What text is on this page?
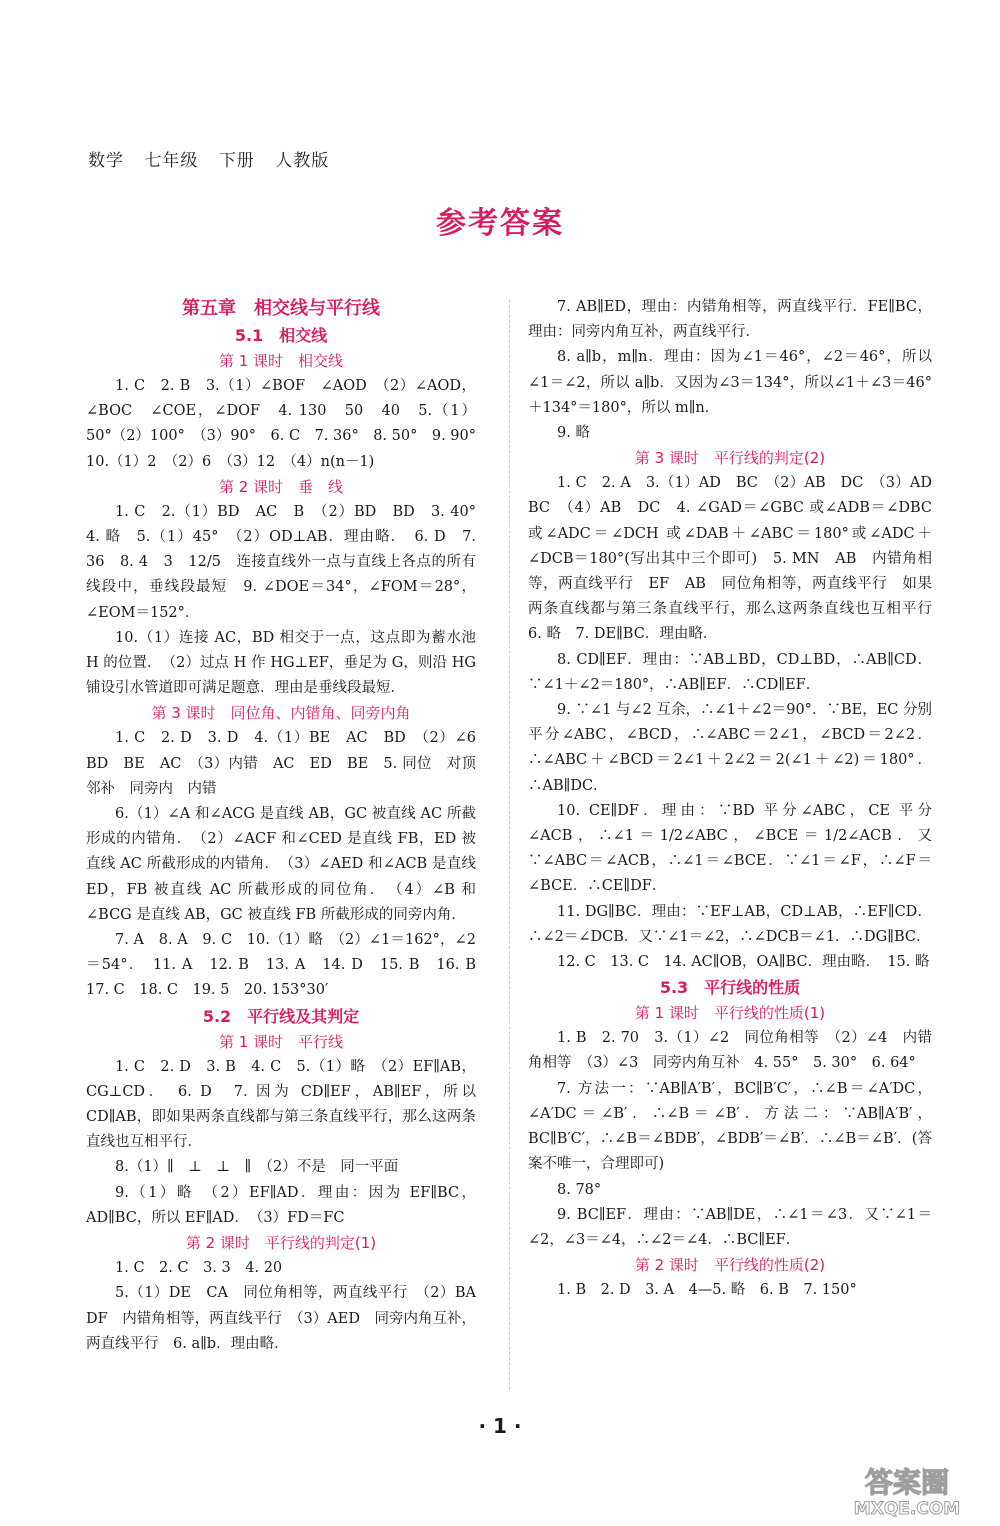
数学 七年级 下册 人教版
参考答案
第五章　相交线与平行线
5.1　相交线
第 1 课时　相交线

1. C　2. B　3.（1）∠BOF　∠AOD　（2）∠AOD，∠BOC　∠COE，∠DOF　4. 130　50　40　5.（1）50°（2）100°　（3）90°　6. C　7. 36°　8. 50°　9. 90°　10.（1）2　（2）6　（3）12　（4）n(n－1)

第 2 课时　垂　线

1. C　2.（1）BD　AC　B　（2）BD　BD　3. 40°　4. 略　5.（1）45°　（2）OD⊥AB．理由略．　6. D　7. 36　8. 4　3　12/5　连接直线外一点与直线上各点的所有线段中，垂线段最短　9. ∠DOE＝34°，∠FOM＝28°，∠EOM＝152°．

10.（1）连接 AC，BD 相交于一点，这点即为蓄水池 H 的位置．　（2）过点 H 作 HG⊥EF，垂足为 G，则沿 HG 铺设引水管道即可满足题意．理由是垂线段最短．

第 3 课时　同位角、内错角、同旁内角

1. C　2. D　3. D　4.（1）BE　AC　BD　（2）∠6　BD　BE　AC　（3）内错　AC　ED　BE　5. 同位　对顶　邻补　同旁内　内错

6.（1）∠A 和∠ACG 是直线 AB，GC 被直线 AC 所截形成的内错角．　（2）∠ACF 和∠CED 是直线 FB，ED 被直线 AC 所截形成的内错角．　（3）∠AED 和∠ACB 是直线 ED，FB 被直线 AC 所截形成的同位角．　（4）∠B 和∠BCG 是直线 AB，GC 被直线 FB 所截形成的同旁内角．

7. A　8. A　9. C　10.（1）略　（2）∠1＝162°，∠2＝54°．　11. A　12. B　13. A　14. D　15. B　16. B　17. C　18. C　19. 5　20. 153°30′

5.2　平行线及其判定
第 1 课时　平行线

1. C　2. D　3. B　4. C　5.（1）略　（2）EF∥AB，CG⊥CD．　6. D　7. 因为 CD∥EF，AB∥EF，所以 CD∥AB，即如果两条直线都与第三条直线平行，那么这两条直线也互相平行．

8.（1）∥　⊥　⊥　∥　（2）不是　同一平面

9.（1）略　（2）EF∥AD．理由：因为 EF∥BC，AD∥BC，所以 EF∥AD．　（3）FD＝FC

第 2 课时　平行线的判定(1)

1. C　2. C　3. 3　4. 20

5.（1）DE　CA　同位角相等，两直线平行　（2）BA　DF　内错角相等，两直线平行　（3）AED　同旁内角互补，两直线平行　6. a∥b．理由略．

7. AB∥ED，理由：内错角相等，两直线平行．FE∥BC，理由：同旁内角互补，两直线平行．

8. a∥b，m∥n．理由：因为∠1＝46°，∠2＝46°，所以∠1＝∠2，所以 a∥b．又因为∠3＝134°，所以∠1＋∠3＝46°＋134°＝180°，所以 m∥n．

9. 略

第 3 课时　平行线的判定(2)

1. C　2. A　3.（1）AD　BC　（2）AB　DC　（3）AD　BC　（4）AB　DC　4. ∠GAD＝∠GBC 或∠ADB＝∠DBC 或∠ADC＝∠DCH 或∠DAB＋∠ABC＝180°或∠ADC＋∠DCB＝180°(写出其中三个即可)　5. MN　AB　内错角相等，两直线平行　EF　AB　同位角相等，两直线平行　如果两条直线都与第三条直线平行，那么这两条直线也互相平行　6. 略　7. DE∥BC．理由略．

8. CD∥EF．理由：∵AB⊥BD，CD⊥BD，∴AB∥CD．∵∠1＋∠2＝180°，∴AB∥EF．∴CD∥EF．

9. ∵∠1 与∠2 互余，∴∠1＋∠2＝90°．∵BE，EC 分别平分∠ABC，∠BCD，∴∠ABC＝2∠1，∠BCD＝2∠2．∴∠ABC＋∠BCD＝2∠1＋2∠2＝2(∠1＋∠2)＝180°．∴AB∥DC．

10. CE∥DF．理由：∵BD 平分∠ABC，CE 平分∠ACB，∴∠1＝1/2∠ABC，∠BCE＝1/2∠ACB．又∵∠ABC＝∠ACB，∴∠1＝∠BCE．∵∠1＝∠F，∴∠F＝∠BCE．∴CE∥DF．

11. DG∥BC．理由：∵EF⊥AB，CD⊥AB，∴EF∥CD．∴∠2＝∠DCB．又∵∠1＝∠2，∴∠DCB＝∠1．∴DG∥BC．

12. C　13. C　14. AC∥OB，OA∥BC．理由略．　15. 略

5.3　平行线的性质
第 1 课时　平行线的性质(1)

1. B　2. 70　3.（1）∠2　同位角相等　（2）∠4　内错角相等　（3）∠3　同旁内角互补　4. 55°　5. 30°　6. 64°

7. 方法一：∵AB∥A′B′，BC∥B′C′，∴∠B＝∠A′DC，∠A′DC＝∠B′．∴∠B＝∠B′．方法二：∵AB∥A′B′，BC∥B′C′，∴∠B＝∠BDB′，∠BDB′＝∠B′．∴∠B＝∠B′．(答案不唯一，合理即可)

8. 78°

9. BC∥EF．理由：∵AB∥DE，∴∠1＝∠3．又∵∠1＝∠2，∠3＝∠4，∴∠2＝∠4．∴BC∥EF．

第 2 课时　平行线的性质(2)

1. B　2. D　3. A　4—5. 略　6. B　7. 150°

· 1 ·
答案圈
MXQE.COM
